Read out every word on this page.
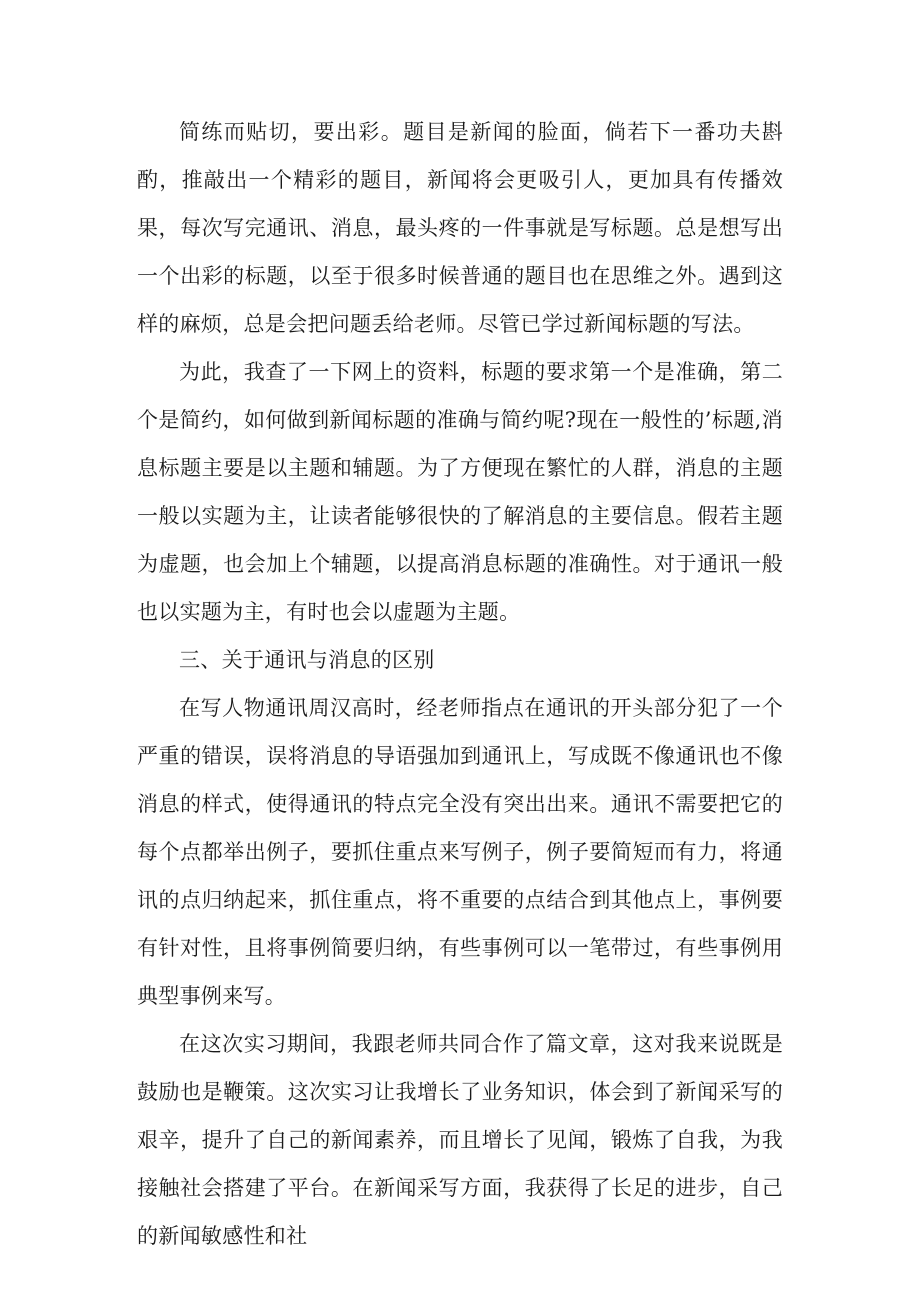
简练而贴切，要出彩。题目是新闻的脸面，倘若下一番功夫斟酌，推敲出一个精彩的题目，新闻将会更吸引人，更加具有传播效果，每次写完通讯、消息，最头疼的一件事就是写标题。总是想写出一个出彩的标题，以至于很多时候普通的题目也在思维之外。遇到这样的麻烦，总是会把问题丢给老师。尽管已学过新闻标题的写法。

为此，我查了一下网上的资料，标题的要求第一个是准确，第二个是简约，如何做到新闻标题的准确与简约呢?现在一般性的’标题,消息标题主要是以主题和辅题。为了方便现在繁忙的人群，消息的主题一般以实题为主，让读者能够很快的了解消息的主要信息。假若主题为虚题，也会加上个辅题，以提高消息标题的准确性。对于通讯一般也以实题为主，有时也会以虚题为主题。

三、关于通讯与消息的区别

在写人物通讯周汉高时，经老师指点在通讯的开头部分犯了一个严重的错误，误将消息的导语强加到通讯上，写成既不像通讯也不像消息的样式，使得通讯的特点完全没有突出出来。通讯不需要把它的每个点都举出例子，要抓住重点来写例子，例子要简短而有力，将通讯的点归纳起来，抓住重点，将不重要的点结合到其他点上，事例要有针对性，且将事例简要归纳，有些事例可以一笔带过，有些事例用典型事例来写。

在这次实习期间，我跟老师共同合作了篇文章，这对我来说既是鼓励也是鞭策。这次实习让我增长了业务知识，体会到了新闻采写的艰辛，提升了自己的新闻素养，而且增长了见闻，锻炼了自我，为我接触社会搭建了平台。在新闻采写方面，我获得了长足的进步，自己的新闻敏感性和社
